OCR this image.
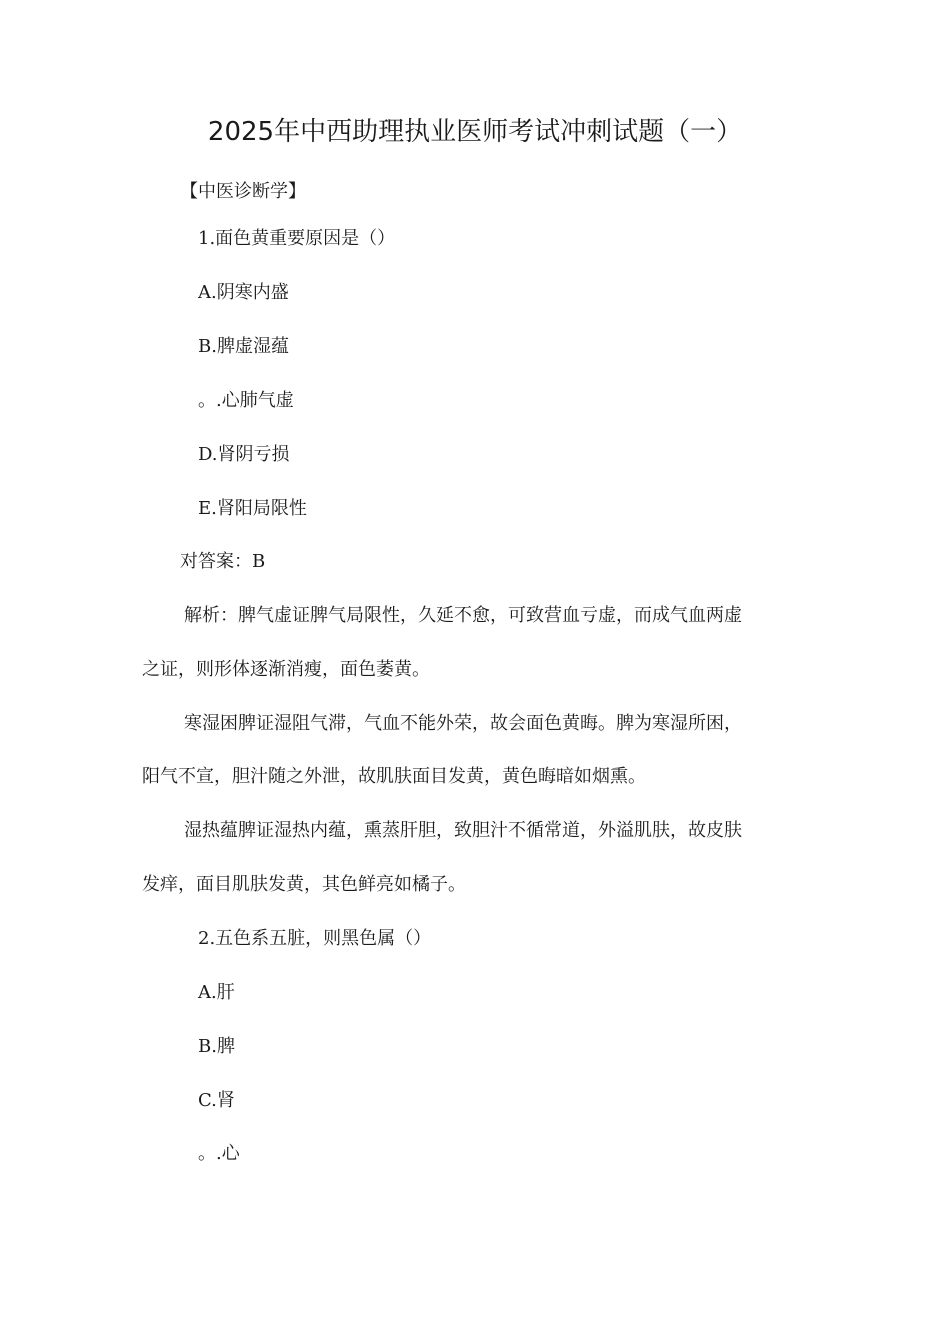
2025年中西助理执业医师考试冲刺试题（一）
【中医诊断学】
1.面色黄重要原因是（）
A.阴寒内盛
B.脾虚湿蕴
。.心肺气虚
D.肾阴亏损
E.肾阳局限性
对答案：B
解析：脾气虚证脾气局限性，久延不愈，可致营血亏虚，而成气血两虚
之证，则形体逐渐消瘦，面色萎黄。
寒湿困脾证湿阻气滞，气血不能外荣，故会面色黄晦。脾为寒湿所困，
阳气不宣，胆汁随之外泄，故肌肤面目发黄，黄色晦暗如烟熏。
湿热蕴脾证湿热内蕴，熏蒸肝胆，致胆汁不循常道，外溢肌肤，故皮肤
发痒，面目肌肤发黄，其色鲜亮如橘子。
2.五色系五脏，则黑色属（）
A.肝
B.脾
C.肾
。.心
